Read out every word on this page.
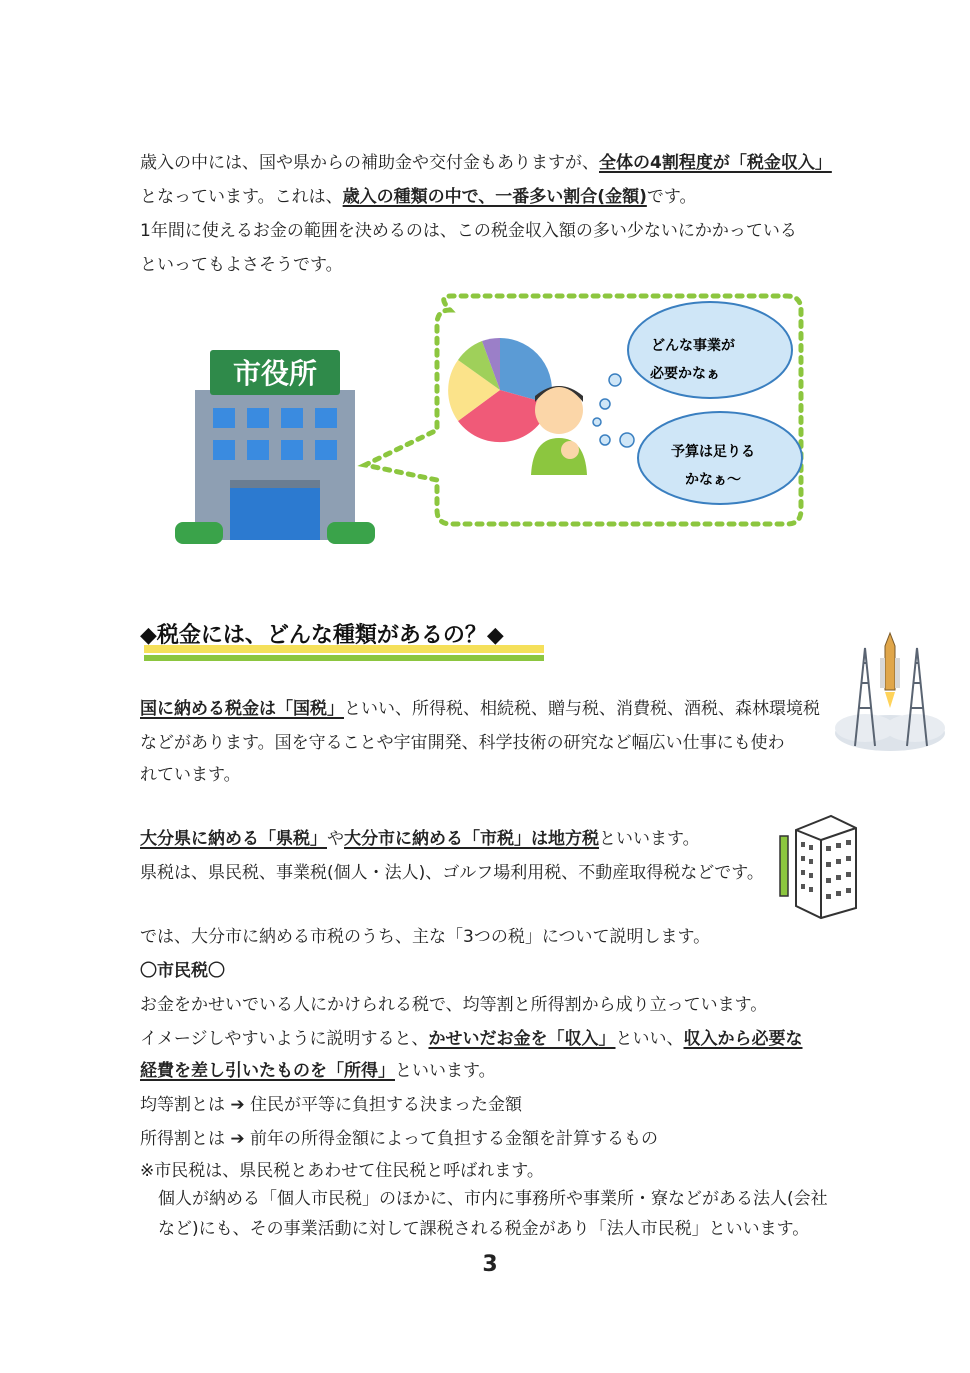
歳入の中には、国や県からの補助金や交付金もありますが、全体の4割程度が「税金収入」
となっています。これは、歳入の種類の中で、一番多い割合(金額)です。
1年間に使えるお金の範囲を決めるのは、この税金収入額の多い少ないにかかっている
といってもよさそうです。
市役所
どんな事業が
必要かなぁ
予算は足りる
かなぁ～
◆税金には、どんな種類があるの？◆
国に納める税金は「国税」といい、所得税、相続税、贈与税、消費税、酒税、森林環境税
などがあります。国を守ることや宇宙開発、科学技術の研究など幅広い仕事にも使わ
れています。
大分県に納める「県税」や大分市に納める「市税」は地方税といいます。
県税は、県民税、事業税(個人・法人)、ゴルフ場利用税、不動産取得税などです。
では、大分市に納める市税のうち、主な「3つの税」について説明します。
〇市民税〇
お金をかせいでいる人にかけられる税で、均等割と所得割から成り立っています。
イメージしやすいように説明すると、かせいだお金を「収入」といい、収入から必要な
経費を差し引いたものを「所得」といいます。
均等割とは ➔ 住民が平等に負担する決まった金額
所得割とは ➔ 前年の所得金額によって負担する金額を計算するもの
※市民税は、県民税とあわせて住民税と呼ばれます。
個人が納める「個人市民税」のほかに、市内に事務所や事業所・寮などがある法人(会社
など)にも、その事業活動に対して課税される税金があり「法人市民税」といいます。
3
